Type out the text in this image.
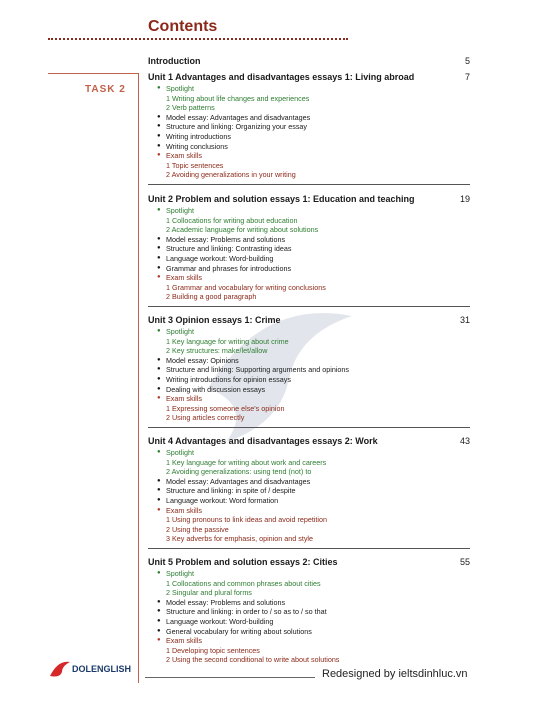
Contents
Introduction	5
TASK 2
Unit 1 Advantages and disadvantages essays 1: Living abroad	7
● Spotlight
1 Writing about life changes and experiences
2 Verb patterns
● Model essay: Advantages and disadvantages
● Structure and linking: Organizing your essay
● Writing introductions
● Writing conclusions
● Exam skills
1 Topic sentences
2 Avoiding generalizations in your writing
Unit 2 Problem and solution essays 1: Education and teaching	19
● Spotlight
1 Collocations for writing about education
2 Academic language for writing about solutions
● Model essay: Problems and solutions
● Structure and linking: Contrasting ideas
● Language workout: Word-building
● Grammar and phrases for introductions
● Exam skills
1 Grammar and vocabulary for writing conclusions
2 Building a good paragraph
Unit 3 Opinion essays 1: Crime	31
● Spotlight
1 Key language for writing about crime
2 Key structures: make/let/allow
● Model essay: Opinions
● Structure and linking: Supporting arguments and opinions
● Writing introductions for opinion essays
● Dealing with discussion essays
● Exam skills
1 Expressing someone else's opinion
2 Using articles correctly
Unit 4 Advantages and disadvantages essays 2: Work	43
● Spotlight
1 Key language for writing about work and careers
2 Avoiding generalizations: using tend (not) to
● Model essay: Advantages and disadvantages
● Structure and linking: in spite of / despite
● Language workout: Word formation
● Exam skills
1 Using pronouns to link ideas and avoid repetition
2 Using the passive
3 Key adverbs for emphasis, opinion and style
Unit 5 Problem and solution essays 2: Cities	55
● Spotlight
1 Collocations and common phrases about cities
2 Singular and plural forms
● Model essay: Problems and solutions
● Structure and linking: in order to / so as to / so that
● Language workout: Word-building
● General vocabulary for writing about solutions
● Exam skills
1 Developing topic sentences
2 Using the second conditional to write about solutions
DOLENGLISH	Redesigned by ieltsdinhluc.vn
